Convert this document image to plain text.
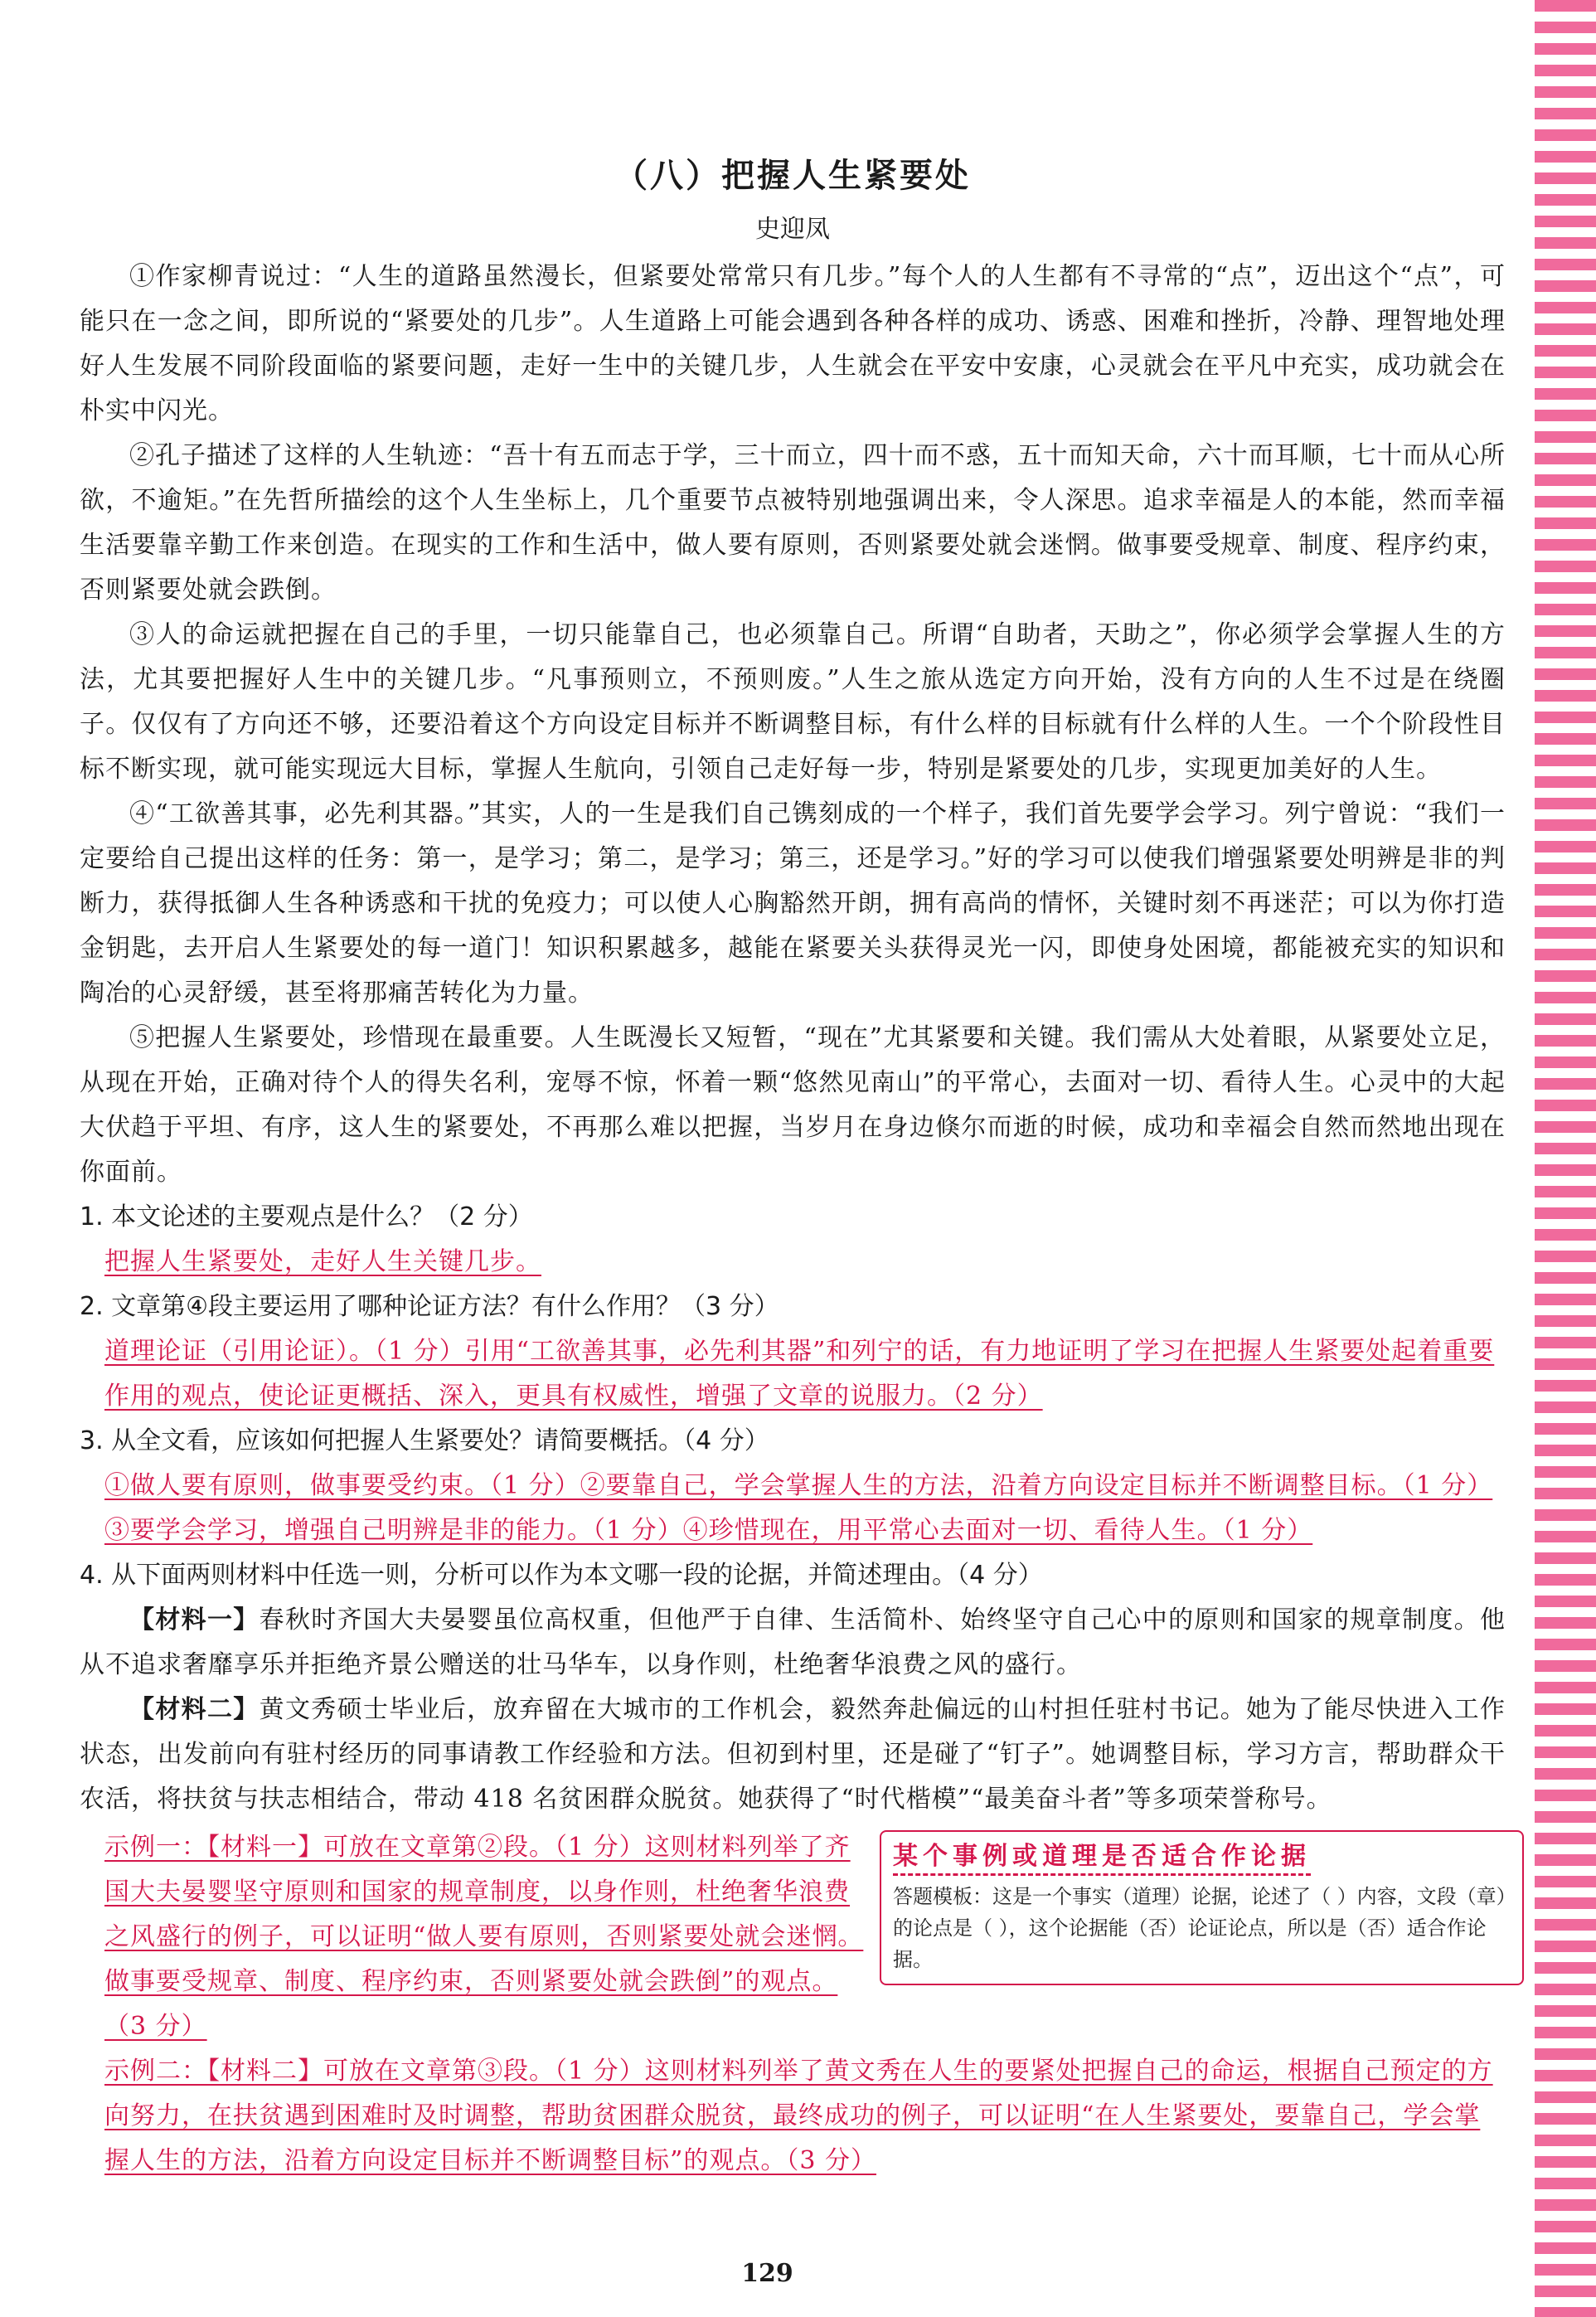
（八）把握人生紧要处
史迎凤

①作家柳青说过：“人生的道路虽然漫长，但紧要处常常只有几步。”每个人的人生都有不寻常的“点”，迈出这个“点”，可能只在一念之间，即所说的“紧要处的几步”。人生道路上可能会遇到各种各样的成功、诱惑、困难和挫折，冷静、理智地处理好人生发展不同阶段面临的紧要问题，走好一生中的关键几步，人生就会在平安中安康，心灵就会在平凡中充实，成功就会在朴实中闪光。

②孔子描述了这样的人生轨迹：“吾十有五而志于学，三十而立，四十而不惑，五十而知天命，六十而耳顺，七十而从心所欲，不逾矩。”在先哲所描绘的这个人生坐标上，几个重要节点被特别地强调出来，令人深思。追求幸福是人的本能，然而幸福生活要靠辛勤工作来创造。在现实的工作和生活中，做人要有原则，否则紧要处就会迷惘。做事要受规章、制度、程序约束，否则紧要处就会跌倒。

③人的命运就把握在自己的手里，一切只能靠自己，也必须靠自己。所谓“自助者，天助之”，你必须学会掌握人生的方法，尤其要把握好人生中的关键几步。“凡事预则立，不预则废。”人生之旅从选定方向开始，没有方向的人生不过是在绕圈子。仅仅有了方向还不够，还要沿着这个方向设定目标并不断调整目标，有什么样的目标就有什么样的人生。一个个阶段性目标不断实现，就可能实现远大目标，掌握人生航向，引领自己走好每一步，特别是紧要处的几步，实现更加美好的人生。

④“工欲善其事，必先利其器。”其实，人的一生是我们自己镌刻成的一个样子，我们首先要学会学习。列宁曾说：“我们一定要给自己提出这样的任务：第一，是学习；第二，是学习；第三，还是学习。”好的学习可以使我们增强紧要处明辨是非的判断力，获得抵御人生各种诱惑和干扰的免疫力；可以使人心胸豁然开朗，拥有高尚的情怀，关键时刻不再迷茫；可以为你打造金钥匙，去开启人生紧要处的每一道门！知识积累越多，越能在紧要关头获得灵光一闪，即使身处困境，都能被充实的知识和陶冶的心灵舒缓，甚至将那痛苦转化为力量。

⑤把握人生紧要处，珍惜现在最重要。人生既漫长又短暂，“现在”尤其紧要和关键。我们需从大处着眼，从紧要处立足，从现在开始，正确对待个人的得失名利，宠辱不惊，怀着一颗“悠然见南山”的平常心，去面对一切、看待人生。心灵中的大起大伏趋于平坦、有序，这人生的紧要处，不再那么难以把握，当岁月在身边倏尔而逝的时候，成功和幸福会自然而然地出现在你面前。

1. 本文论述的主要观点是什么？（2 分）
把握人生紧要处，走好人生关键几步。
2. 文章第④段主要运用了哪种论证方法？有什么作用？（3 分）
道理论证（引用论证）。（1 分）引用“工欲善其事，必先利其器”和列宁的话，有力地证明了学习在把握人生紧要处起着重要作用的观点，使论证更概括、深入，更具有权威性，增强了文章的说服力。（2 分）
3. 从全文看，应该如何把握人生紧要处？请简要概括。（4 分）
①做人要有原则，做事要受约束。（1 分）②要靠自己，学会掌握人生的方法，沿着方向设定目标并不断调整目标。（1 分）③要学会学习，增强自己明辨是非的能力。（1 分）④珍惜现在，用平常心去面对一切、看待人生。（1 分）
4. 从下面两则材料中任选一则，分析可以作为本文哪一段的论据，并简述理由。（4 分）

【材料一】春秋时齐国大夫晏婴虽位高权重，但他严于自律、生活简朴、始终坚守自己心中的原则和国家的规章制度。他从不追求奢靡享乐并拒绝齐景公赠送的壮马华车，以身作则，杜绝奢华浪费之风的盛行。

【材料二】黄文秀硕士毕业后，放弃留在大城市的工作机会，毅然奔赴偏远的山村担任驻村书记。她为了能尽快进入工作状态，出发前向有驻村经历的同事请教工作经验和方法。但初到村里，还是碰了“钉子”。她调整目标，学习方言，帮助群众干农活，将扶贫与扶志相结合，带动 418 名贫困群众脱贫。她获得了“时代楷模”“最美奋斗者”等多项荣誉称号。

示例一：【材料一】可放在文章第②段。（1 分）这则材料列举了齐国大夫晏婴坚守原则和国家的规章制度，以身作则，杜绝奢华浪费之风盛行的例子，可以证明“做人要有原则，否则紧要处就会迷惘。做事要受规章、制度、程序约束，否则紧要处就会跌倒”的观点。（3 分）
某个事例或道理是否适合作论据
答题模板：这是一个事实（道理）论据，论述了（ ）内容，文段（章）的论点是（ ），这个论据能（否）论证论点，所以是（否）适合作论据。
示例二：【材料二】可放在文章第③段。（1 分）这则材料列举了黄文秀在人生的要紧处把握自己的命运，根据自己预定的方向努力，在扶贫遇到困难时及时调整，帮助贫困群众脱贫，最终成功的例子，可以证明“在人生紧要处，要靠自己，学会掌握人生的方法，沿着方向设定目标并不断调整目标”的观点。（3 分）
129
